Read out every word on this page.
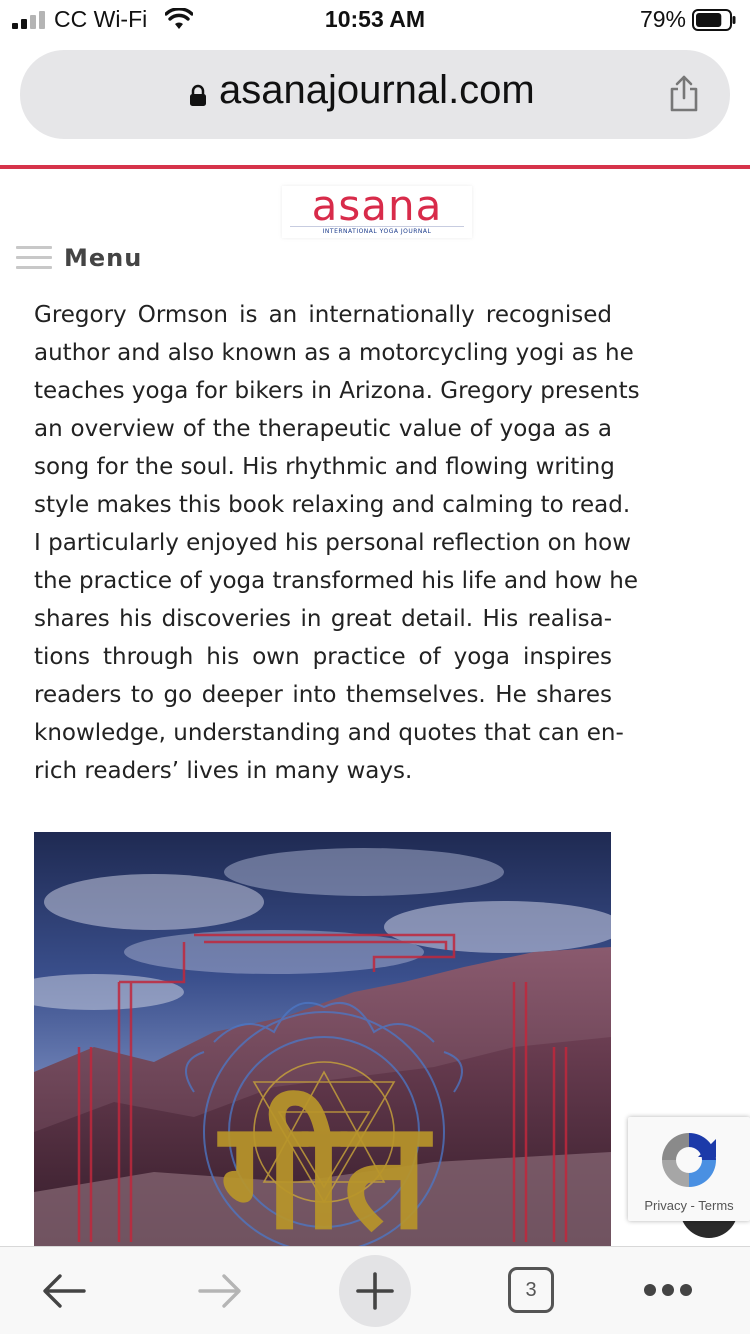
CC Wi-Fi	10:53 AM	79%
asanajournal.com
asana
INTERNATIONAL YOGA JOURNAL
Menu
Gregory Ormson is an internationally recognised
author and also known as a motorcycling yogi as he
teaches yoga for bikers in Arizona. Gregory presents
an overview of the therapeutic value of yoga as a
song for the soul. His rhythmic and flowing writing
style makes this book relaxing and calming to read.
I particularly enjoyed his personal reflection on how
the practice of yoga transformed his life and how he
shares his discoveries in great detail. His realisa-
tions through his own practice of yoga inspires
readers to go deeper into themselves. He shares
knowledge, understanding and quotes that can en-
rich readers’ lives in many ways.
गीत	Privacy - Terms
3
